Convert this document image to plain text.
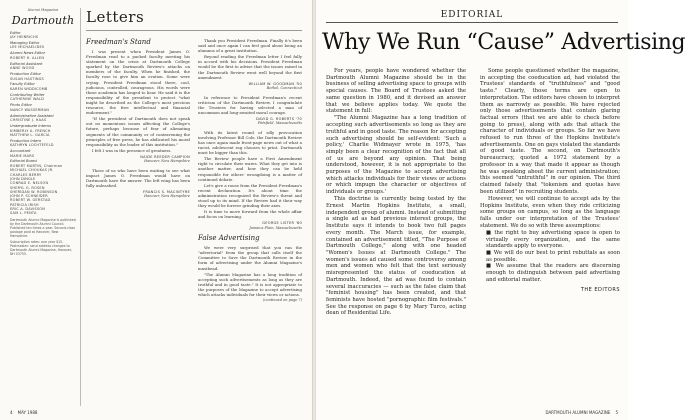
Alumni Magazine
Dartmouth
Editor
JAY HEINRICHS
Managing Editor
LEE MICHAELIDES
Alumni News Editor
ROBERT H. ALLEN
Editorial Assistant
ANNE WOOD
Production Editor
SUSAN HASTINGS
Faculty Editor
KAREN WIDDICOMB
Contributing Writer
CATHERINE WALD
Photo Editor
NANCY WASSERMAN
Administrative Assistant
CHRISTINE J. HAAS
Undergraduate Interns
KIMBERLY A. FRENCH
MATTHEW L. GARCIA
Production Intern
KATHRYN LOCHTEFELD
Accountant
MARIE MARS
Editorial Board
ROBERT MARTIN, Chairman
MICHAEL CHOUKAS JR.
CHARLES BERRY
JOHN DINGLE
CONRAD E. NELSON
SHERYL G. ROSEN
SHERIDAN W. ROBINSON
JOHN P. SCHNEIDER
ROBERT W. GERSTAD
PATRICIA IRISH
ERIC A. DAVISSON
SAM L. PENTA
Dartmouth Alumni Magazine is published by the Dartmouth Alumni Council. Published ten times a year. Second-class postage paid at Hanover, New Hampshire.
Subscription rates: one year $15. Postmaster: send address changes to Dartmouth Alumni Magazine, Hanover, NH 03755.
Letters
Freedman's Stand

I was present when President James O. Freedman read to a packed faculty meeting his statement on the crisis at Dartmouth College sparked by the Dartmouth Review's attacks on members of the faculty. When he finished, the faculty rose to give him an ovation. Some were crying. President Freedman stood there, cool, judicious, controlled, courageous. His words were those academia has longed to hear. He said it is the responsibility of the president to protect "what might be described as the College's most precious resource, the free intellectual and financial endowment."

"If the president of Dartmouth does not speak out on momentous issues affecting the College's future, perhaps because of fear of alienating segments of the community or of contravening the principles of free press, he has abdicated his moral responsibility as the leader of this institution."

I felt I was in the presence of greatness.

NAIDE REEDER CAMPION
Hanover, New Hampshire

Those of us who have been waiting to see what impact James O. Freedman would have on Dartmouth have the answer. The left wing has been fully unleashed.

FRANCIS S. MACINTYRE
Hanover, New Hampshire

Thank you President Freedman. Finally it's been said and once again I can feel good about being an alumnus of a great institution.

Beyond reading the Freedman letter I feel fully in accord with his decisions. President Freedman would be the first to advise that the issues raised in the Dartmouth Review went well beyond the first amendment.

WILLIAM W. GOODMAN '50
Bethel, Connecticut

In reference to President Freedman's recent criticism of the Dartmouth Review, I congratulate the Trustees for having selected a man of uncommon and long-awaited moral courage.

DAVID G. ROBERTS '70
Pittsfield, Massachusetts

With its latest round of silly provocation involving Professor Bill Cole, the Dartmouth Review has once again made front-page news out of what a racist, adolescent rag chooses to print. Dartmouth must be bigger than this.

The Review people have a First Amendment right to circulate their wares. What they get into is another matter, and how they can be held responsible for others' wrongdoing is a matter of continued debate.

Let's give a rouse from the President Freedman's recent declaration. It's about time the administration recognized the Review's threat and stood up to its mind. If the Review had it their way they would be forever grinding their axes.

It is time to move forward from the whole affair and focus on learning.

GEORGE LISTER '80
Jamaica Plain, Massachusetts
False Advertising

We were very surprised that you ran the "advertorial" from the group that calls itself the Committee to Save the Dartmouth Review in the form of advertising under the Alumni Magazine's masthead.

"The Alumni Magazine has a long tradition of accepting such advertisements as long as they are truthful and in good taste." It is not appropriate to the purposes of the Magazine to accept advertising which attacks individuals for their views or actions.

(continued on page 7)
4 MAY 1988
EDITORIAL
Why We Run “Cause” Advertising

For years, people have wondered whether the Dartmouth Alumni Magazine should be in the business of selling advertising space to groups with special causes. The Board of Trustees asked the same question in 1980, and it devised an answer that we believe applies today. We quote the statement in full:

"The Alumni Magazine has a long tradition of accepting such advertisements so long as they are truthful and in good taste. The reason for accepting such advertising should be self-evident: 'Such a policy,' Charlie Widmayer wrote in 1975, 'has simply been a clear recognition of the fact that all of us are beyond any opinion. That being understood, however, it is not appropriate to the purposes of the Magazine to accept advertising which attacks individuals for their views or actions or which impugn the character or objectives of individuals or groups.'

This doctrine is currently being tested by the Ernest Martin Hopkins Institute, a small, independent group of alumni. Instead of submitting a single ad as had previous interest groups, the Institute says it intends to book two full pages every month. The March issue, for example, contained an advertisement titled, "The Purpose of Dartmouth College," along with one headed "Women's Issues at Dartmouth College." The women's issues ad caused some controversy among men and women who felt that the text seriously misrepresented the status of coeducation at Dartmouth. Indeed, the ad was found to contain several inaccuracies — such as the false claim that "feminist housing" has been created, and that feminists have hosted "pornographic film festivals." See the response on page 6 by Mary Turco, acting dean of Residential Life.

Some people questioned whether the magazine, in accepting the coeducation ad, had violated the Trustees' standards of "truthfulness" and "good taste." Clearly, those terms are open to interpretation. The editors have chosen to interpret them as narrowly as possible. We have rejected only those advertisements that contain glaring factual errors (that we are able to check before going to press), along with ads that attack the character of individuals or groups. So far we have refused to run three of the Hopkins Institute's advertisements. One on gays violated the standards of good taste. The second, on Dartmouth's bureaucracy, quoted a 1972 statement by a professor in a way that made it appear as though he was speaking about the current administration; this seemed "untruthful" in our opinion. The third claimed falsely that "tokenism and quotas have been utilized" in recruiting students.

However, we will continue to accept ads by the Hopkins Institute, even when they ride criticizing some groups on campus, so long as the language falls under our interpretation of the Trustees' statement. We do so with three assumptions:

■ the right to buy advertising space is open to virtually every organization, and the same standards apply to everyone.

■ We will do our best to print rebuttals as soon as possible.

■ We assume that the readers are discerning enough to distinguish between paid advertising and editorial matter.

THE EDITORS
DARTMOUTH ALUMNI MAGAZINE 5
